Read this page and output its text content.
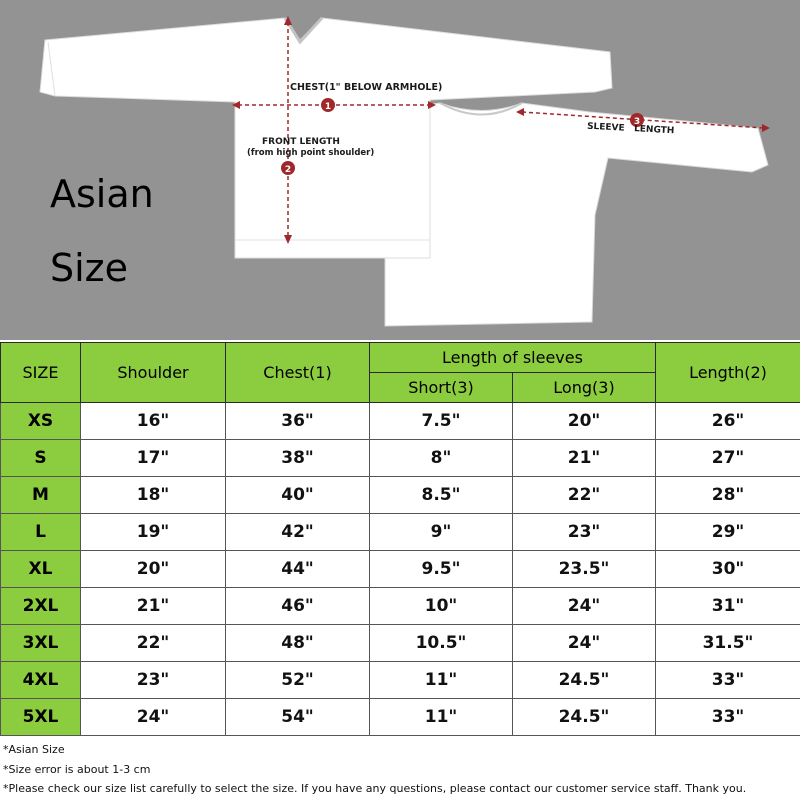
1
2
3
Asian
Size
CHEST(1" BELOW ARMHOLE)
FRONT LENGTH
(from high point shoulder)
SLEEVE LENGTH
SIZE	Shoulder	Chest(1)	Length of sleeves		Length(2)
			Short(3)	Long(3)	
XS	16"	36"	7.5"	20"	26"
S	17"	38"	8"	21"	27"
M	18"	40"	8.5"	22"	28"
L	19"	42"	9"	23"	29"
XL	20"	44"	9.5"	23.5"	30"
2XL	21"	46"	10"	24"	31"
3XL	22"	48"	10.5"	24"	31.5"
4XL	23"	52"	11"	24.5"	33"
5XL	24"	54"	11"	24.5"	33"
*Asian Size
*Size error is about 1-3 cm
*Please check our size list carefully to select the size. If you have any questions, please contact our customer service staff. Thank you.
